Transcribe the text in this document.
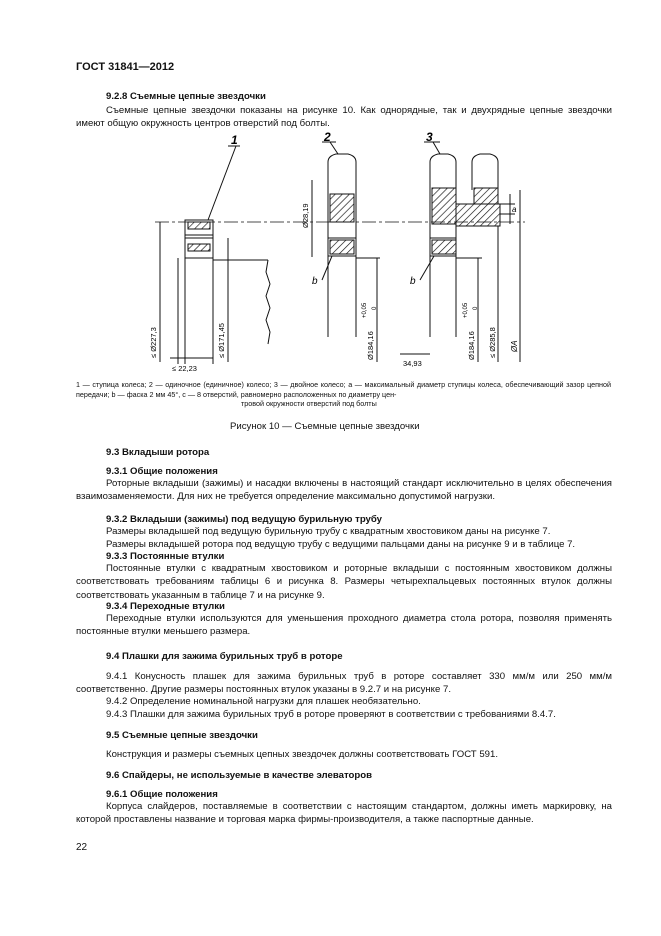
ГОСТ 31841—2012
9.2.8 Съемные цепные звездочки
Съемные цепные звездочки показаны на рисунке 10. Как однорядные, так и двухрядные цепные звездочки имеют общую окружность центров отверстий под болты.
1	2	3
Ø28,19	a
b	b
≤ Ø227,3
≤ 22,23
≤ Ø171,45	Ø184,16
+0,05 0
34,93
Ø184,16
+0,05 0
≤ Ø285,8 ØA
1 — ступица колеса; 2 — одиночное (единичное) колесо; 3 — двойное колесо; a — максимальный диаметр ступицы колеса, обеспечивающий зазор цепной передачи; b — фаска 2 мм 45°, c — 8 отверстий, равномерно расположенных по диаметру цен-
тровой окружности отверстий под болты
Рисунок 10 — Съемные цепные звездочки
9.3 Вкладыши ротора
9.3.1 Общие положения
Роторные вкладыши (зажимы) и насадки включены в настоящий стандарт исключительно в целях обеспечения взаимозаменяемости. Для них не требуется определение максимально допустимой нагрузки.
9.3.2 Вкладыши (зажимы) под ведущую бурильную трубу
Размеры вкладышей под ведущую бурильную трубу с квадратным хвостовиком даны на рисунке 7.
Размеры вкладышей ротора под ведущую трубу с ведущими пальцами даны на рисунке 9 и в таблице 7.
9.3.3 Постоянные втулки
Постоянные втулки с квадратным хвостовиком и роторные вкладыши с постоянным хвостовиком должны соответствовать требованиям таблицы 6 и рисунка 8. Размеры четырехпальцевых постоянных втулок должны соответствовать указанным в таблице 7 и на рисунке 9.
9.3.4 Переходные втулки
Переходные втулки используются для уменьшения проходного диаметра стола ротора, позволяя применять постоянные втулки меньшего размера.
9.4 Плашки для зажима бурильных труб в роторе
9.4.1 Конусность плашек для зажима бурильных труб в роторе составляет 330 мм/м или 250 мм/м соответственно. Другие размеры постоянных втулок указаны в 9.2.7 и на рисунке 7.
9.4.2 Определение номинальной нагрузки для плашек необязательно.
9.4.3 Плашки для зажима бурильных труб в роторе проверяют в соответствии с требованиями 8.4.7.
9.5 Съемные цепные звездочки
Конструкция и размеры съемных цепных звездочек должны соответствовать ГОСТ 591.
9.6 Спайдеры, не используемые в качестве элеваторов
9.6.1 Общие положения
Корпуса слайдеров, поставляемые в соответствии с настоящим стандартом, должны иметь маркировку, на которой проставлены название и торговая марка фирмы-производителя, а также паспортные данные.
22
